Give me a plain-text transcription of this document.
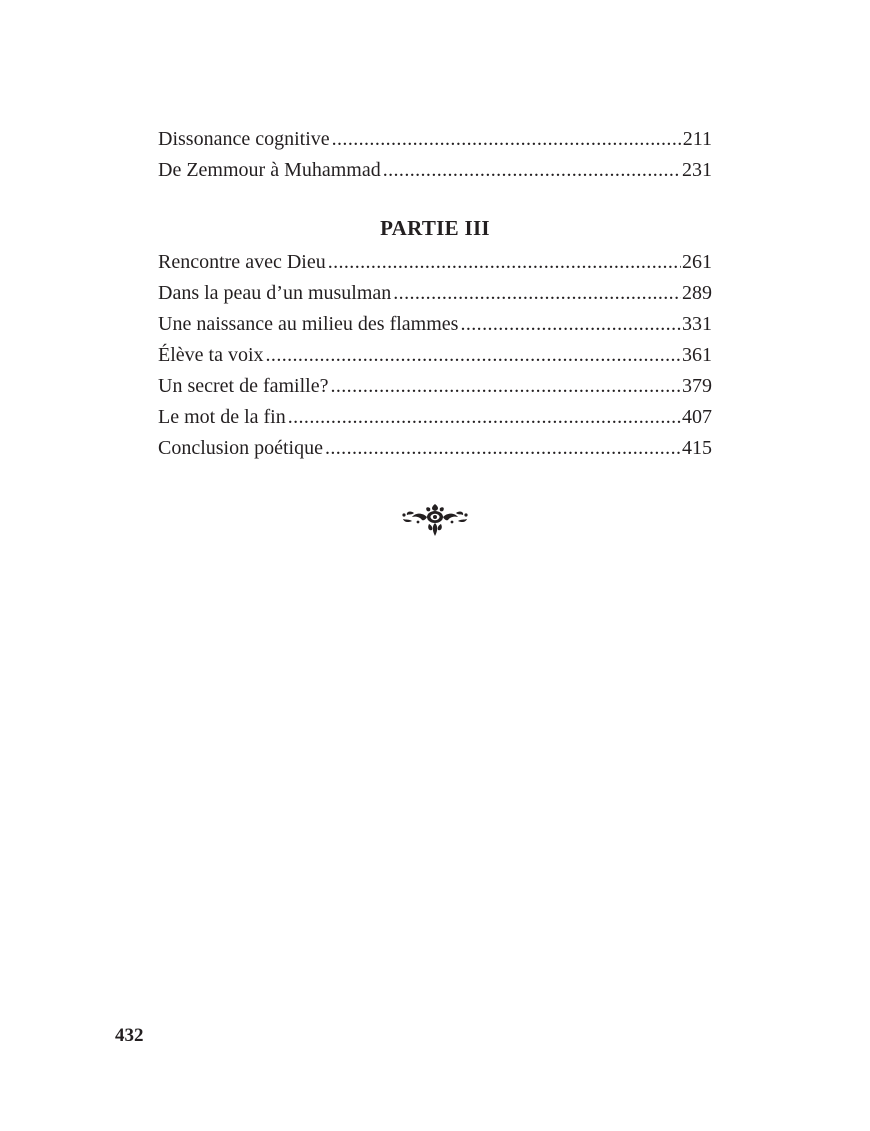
Dissonance cognitive .....	211
De Zemmour à Muhammad .....	231
PARTIE III
Rencontre avec Dieu .....	261
Dans la peau d’un musulman .....	289
Une naissance au milieu des flammes .....	331
Élève ta voix .....	361
Un secret de famille? .....	379
Le mot de la fin .....	407
Conclusion poétique .....	415
432
